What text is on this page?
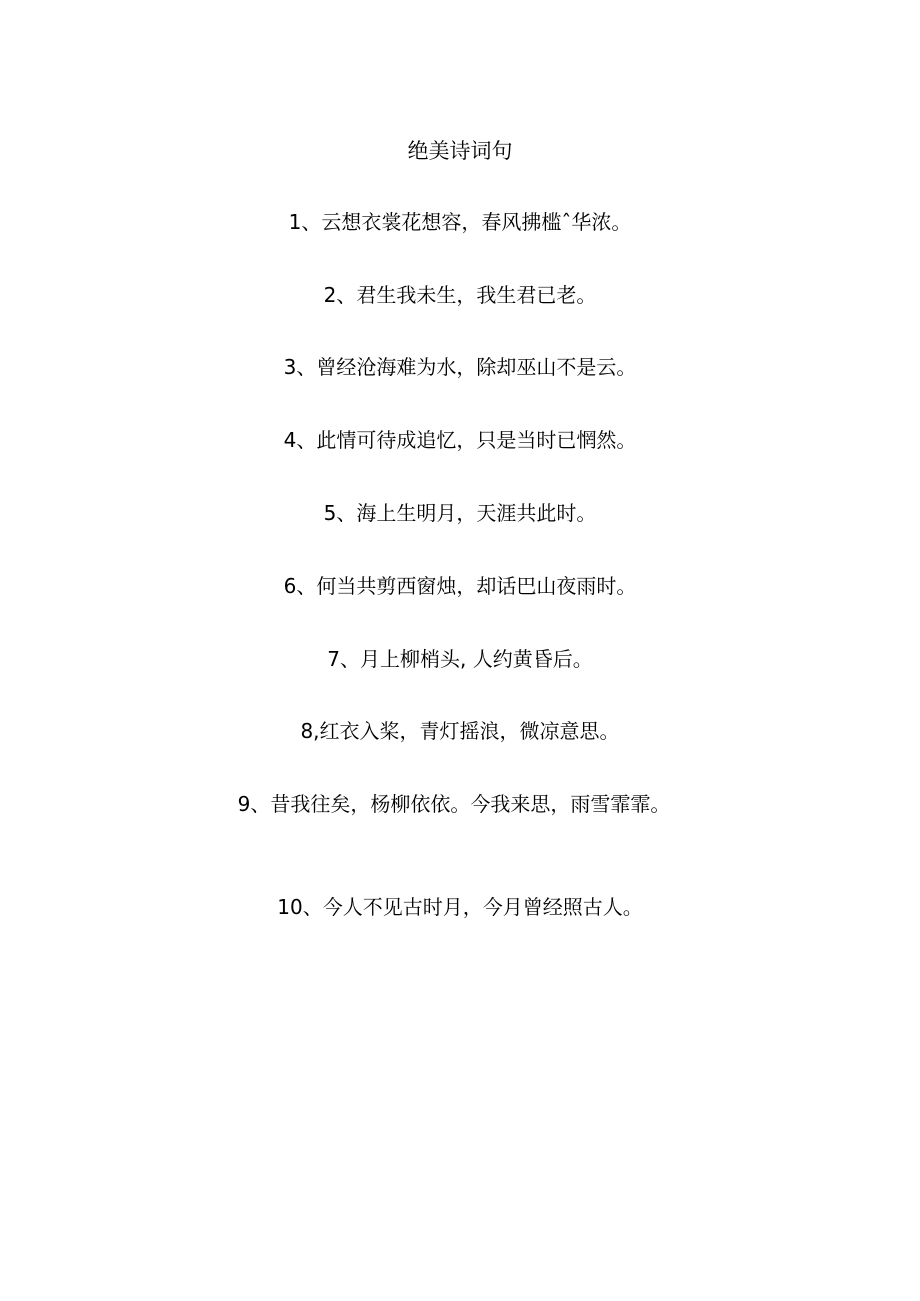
绝美诗词句

1、云想衣裳花想容，春风拂槛ˆ华浓。

2、君生我未生，我生君已老。

3、曾经沧海难为水，除却巫山不是云。

4、此情可待成追忆，只是当时已惘然。

5、海上生明月，天涯共此时。

6、何当共剪西窗烛，却话巴山夜雨时。

7、月上柳梢头, 人约黄昏后。

8,红衣入桨，青灯摇浪，微凉意思。

9、昔我往矣，杨柳依依。今我来思，雨雪霏霏。

10、今人不见古时月，今月曾经照古人。
